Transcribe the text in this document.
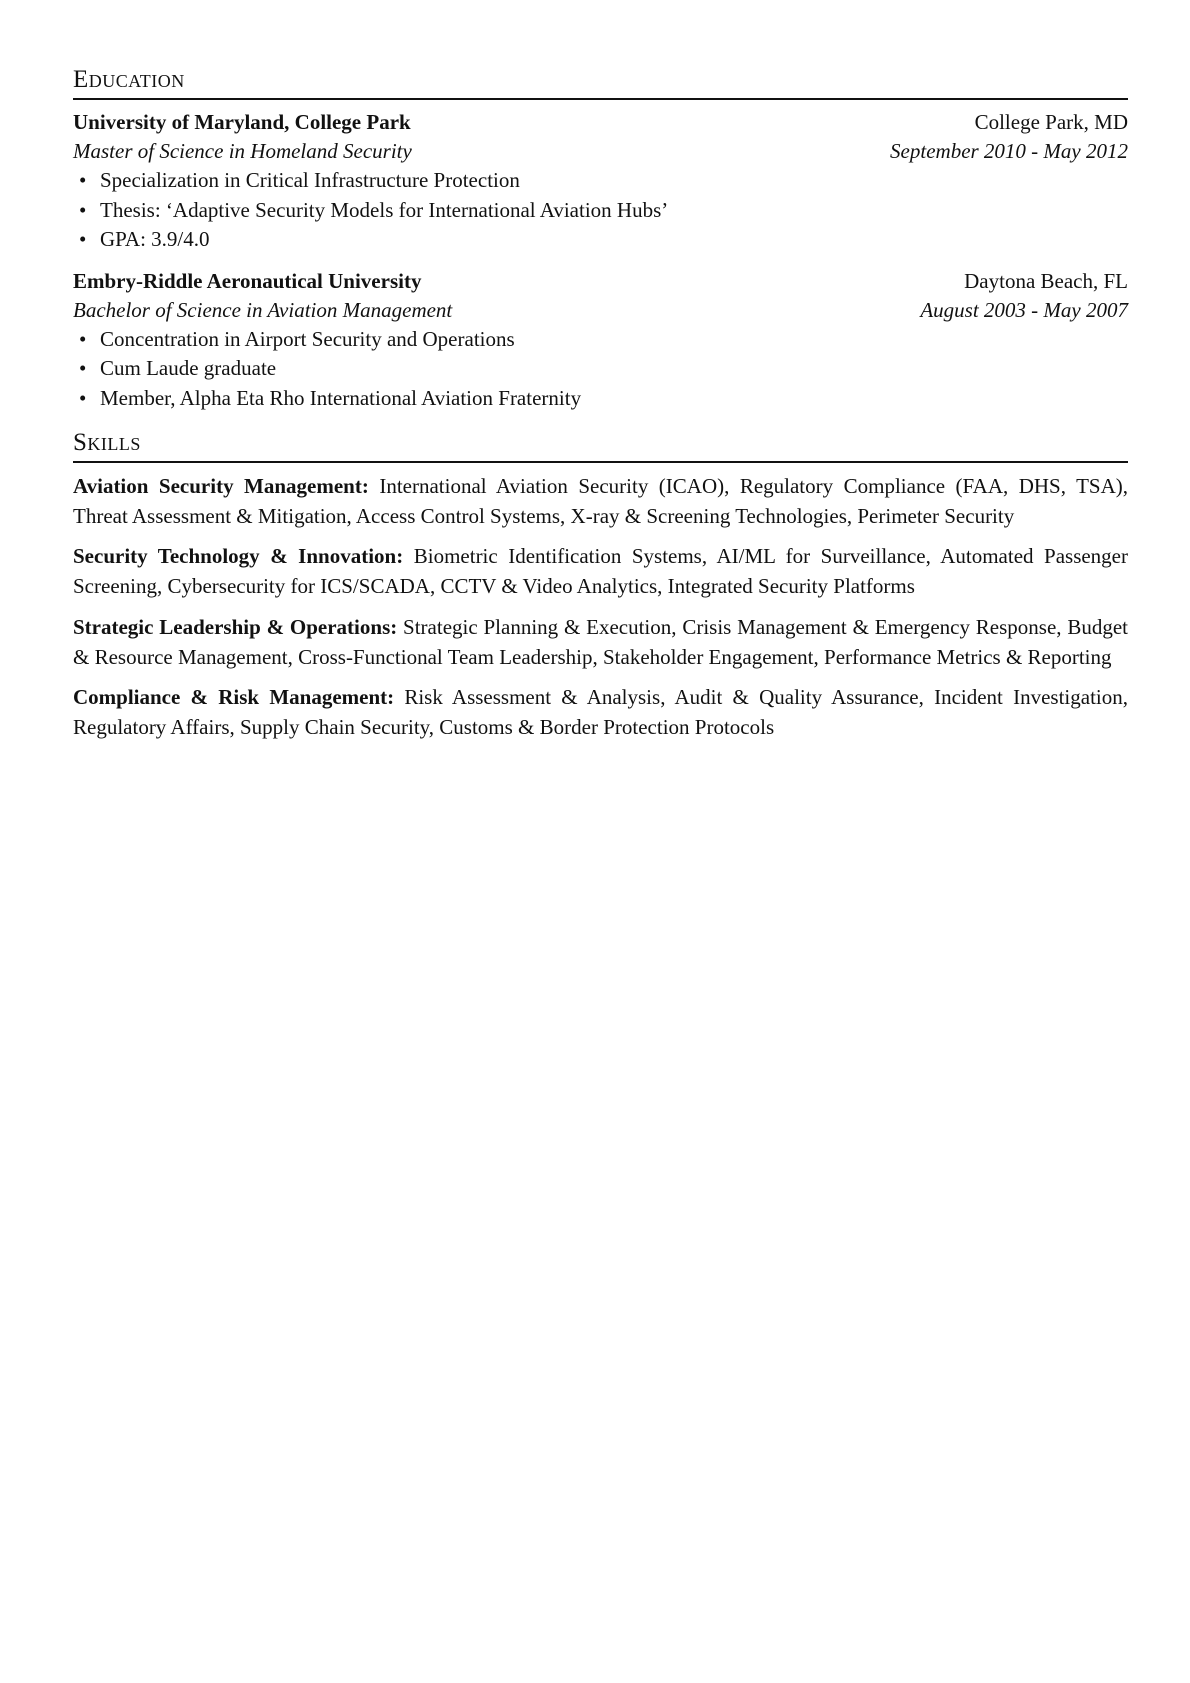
Education
University of Maryland, College Park	College Park, MD
Master of Science in Homeland Security	September 2010 - May 2012
• Specialization in Critical Infrastructure Protection
• Thesis: ‘Adaptive Security Models for International Aviation Hubs’
• GPA: 3.9/4.0
Embry-Riddle Aeronautical University	Daytona Beach, FL
Bachelor of Science in Aviation Management	August 2003 - May 2007
• Concentration in Airport Security and Operations
• Cum Laude graduate
• Member, Alpha Eta Rho International Aviation Fraternity
Skills

Aviation Security Management: International Aviation Security (ICAO), Regulatory Compliance (FAA, DHS, TSA), Threat Assessment & Mitigation, Access Control Systems, X-ray & Screening Technologies, Perimeter Security

Security Technology & Innovation: Biometric Identification Systems, AI/ML for Surveillance, Automated Passenger Screening, Cybersecurity for ICS/SCADA, CCTV & Video Analytics, Integrated Security Platforms

Strategic Leadership & Operations: Strategic Planning & Execution, Crisis Management & Emergency Response, Budget & Resource Management, Cross-Functional Team Leadership, Stakeholder Engagement, Performance Metrics & Reporting

Compliance & Risk Management: Risk Assessment & Analysis, Audit & Quality Assurance, Incident Investigation, Regulatory Affairs, Supply Chain Security, Customs & Border Protection Protocols
